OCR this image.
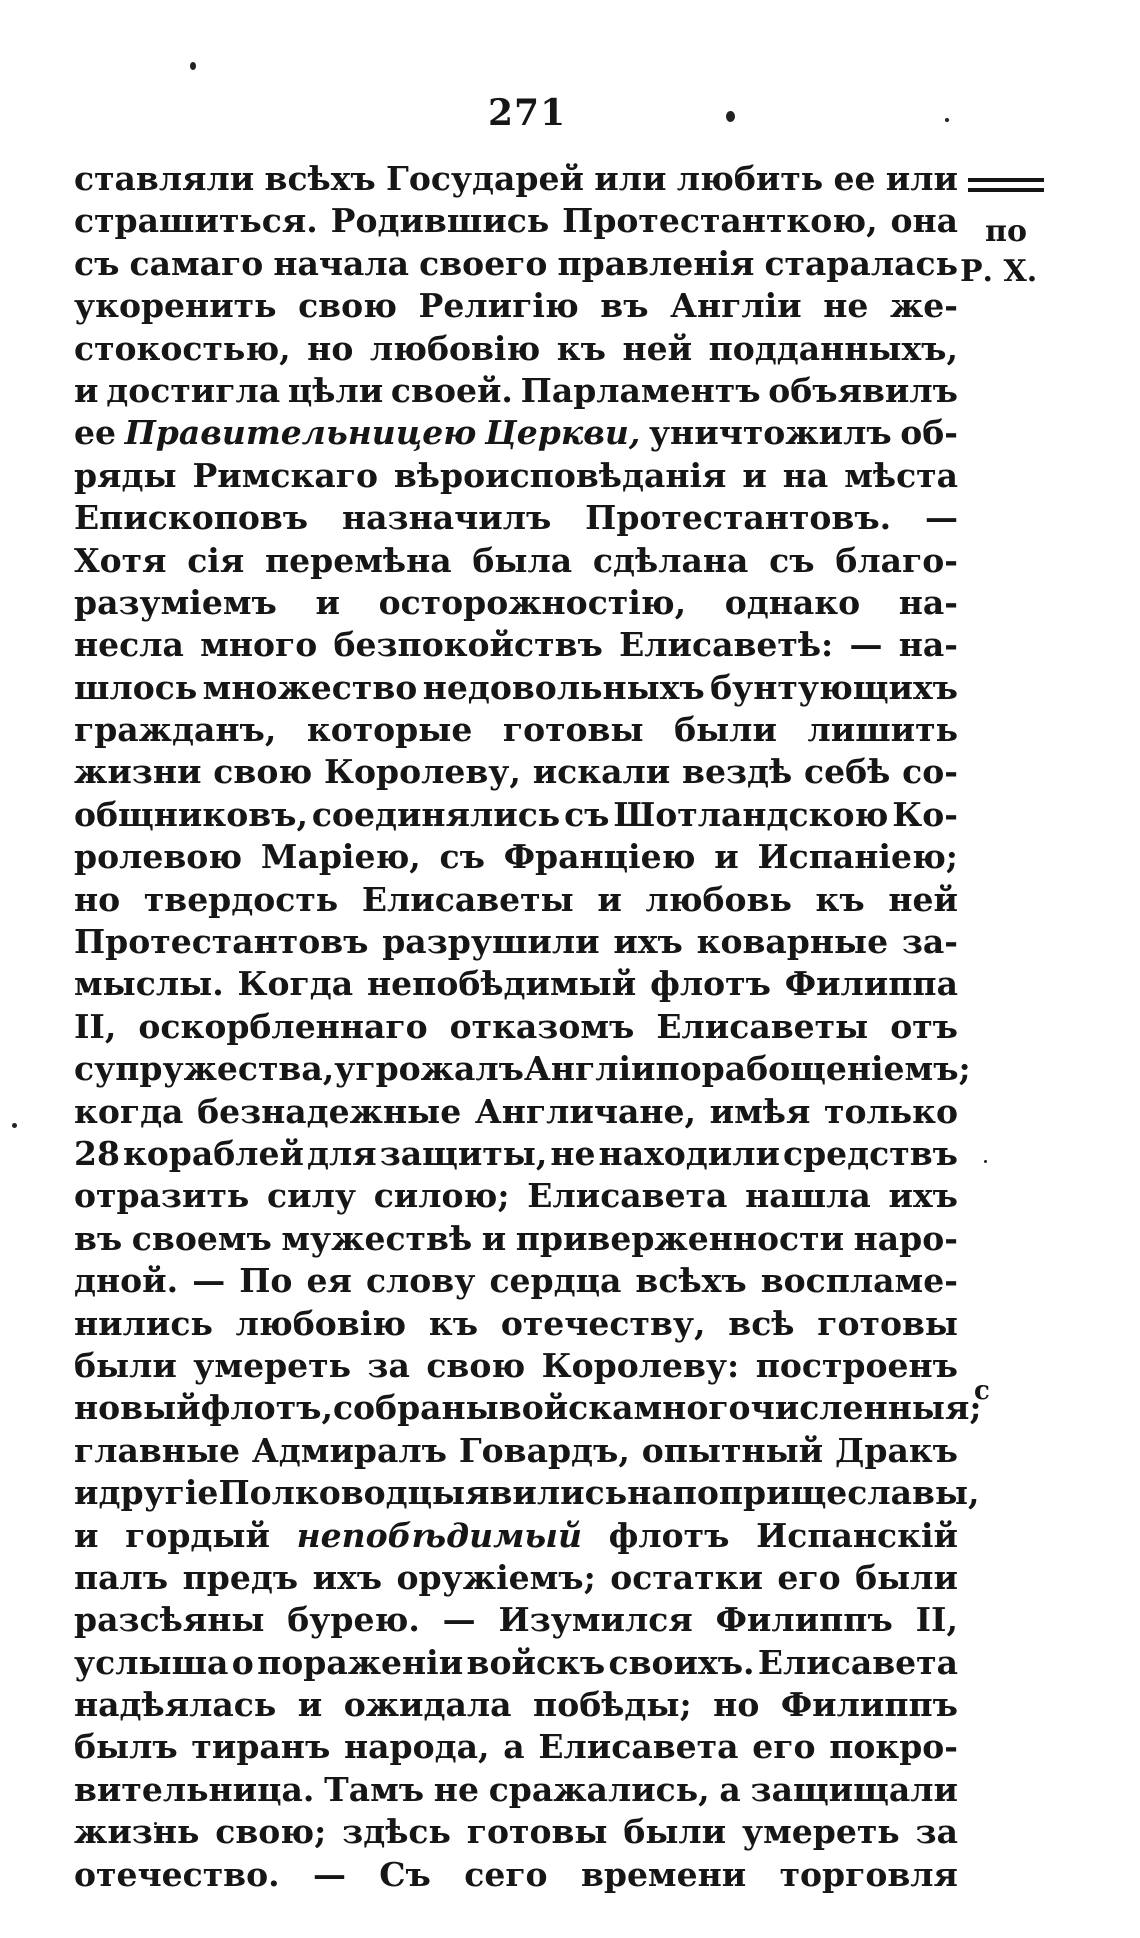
271
по
Р. Х.
с
ставляли всѣхъ Государей или любить ее или
страшиться. Родившись Протестанткою, она
съ самаго начала своего правленія старалась
укоренить свою Религію въ Англіи не же-
стокостью, но любовію къ ней подданныхъ,
и достигла цѣли своей. Парламентъ объявилъ
ее Правительницею Церкви, уничтожилъ об-
ряды Римскаго вѣроисповѣданія и на мѣста
Епископовъ назначилъ Протестантовъ. —
Хотя сія перемѣна была сдѣлана съ благо-
разуміемъ и осторожностію, однако на-
несла много безпокойствъ Елисаветѣ: — на-
шлось множество недовольныхъ бунтующихъ
гражданъ, которые готовы были лишить
жизни свою Королеву, искали вездѣ себѣ со-
общниковъ, соединялись съ Шотландскою Ко-
ролевою Маріею, съ Франціею и Испаніею;
но твердость Елисаветы и любовь къ ней
Протестантовъ разрушили ихъ коварные за-
мыслы. Когда непобѣдимый флотъ Филиппа
II, оскорбленнаго отказомъ Елисаветы отъ
супружества, угрожалъ Англіи порабощеніемъ;
когда безнадежные Англичане, имѣя только
28 кораблей для защиты, не находили средствъ
отразить силу силою; Елисавета нашла ихъ
въ своемъ мужествѣ и приверженности наро-
дной. — По ея слову сердца всѣхъ воспламе-
нились любовію къ отечеству, всѣ готовы
были умереть за свою Королеву: построенъ
новый флотъ, собраны войска многочисленныя;
главные Адмиралъ Говардъ, опытный Дракъ
и другіе Полководцы явились на поприще славы,
и гордый непобѣдимый флотъ Испанскій
палъ предъ ихъ оружіемъ; остатки его были
разсѣяны бурею. — Изумился Филиппъ II,
услыша о пораженіи войскъ своихъ. Елисавета
надѣялась и ожидала побѣды; но Филиппъ
былъ тиранъ народа, а Елисавета его покро-
вительница. Тамъ не сражались, а защищали
жизнь свою; здѣсь готовы были умереть за
отечество. — Съ сего времени торговля
